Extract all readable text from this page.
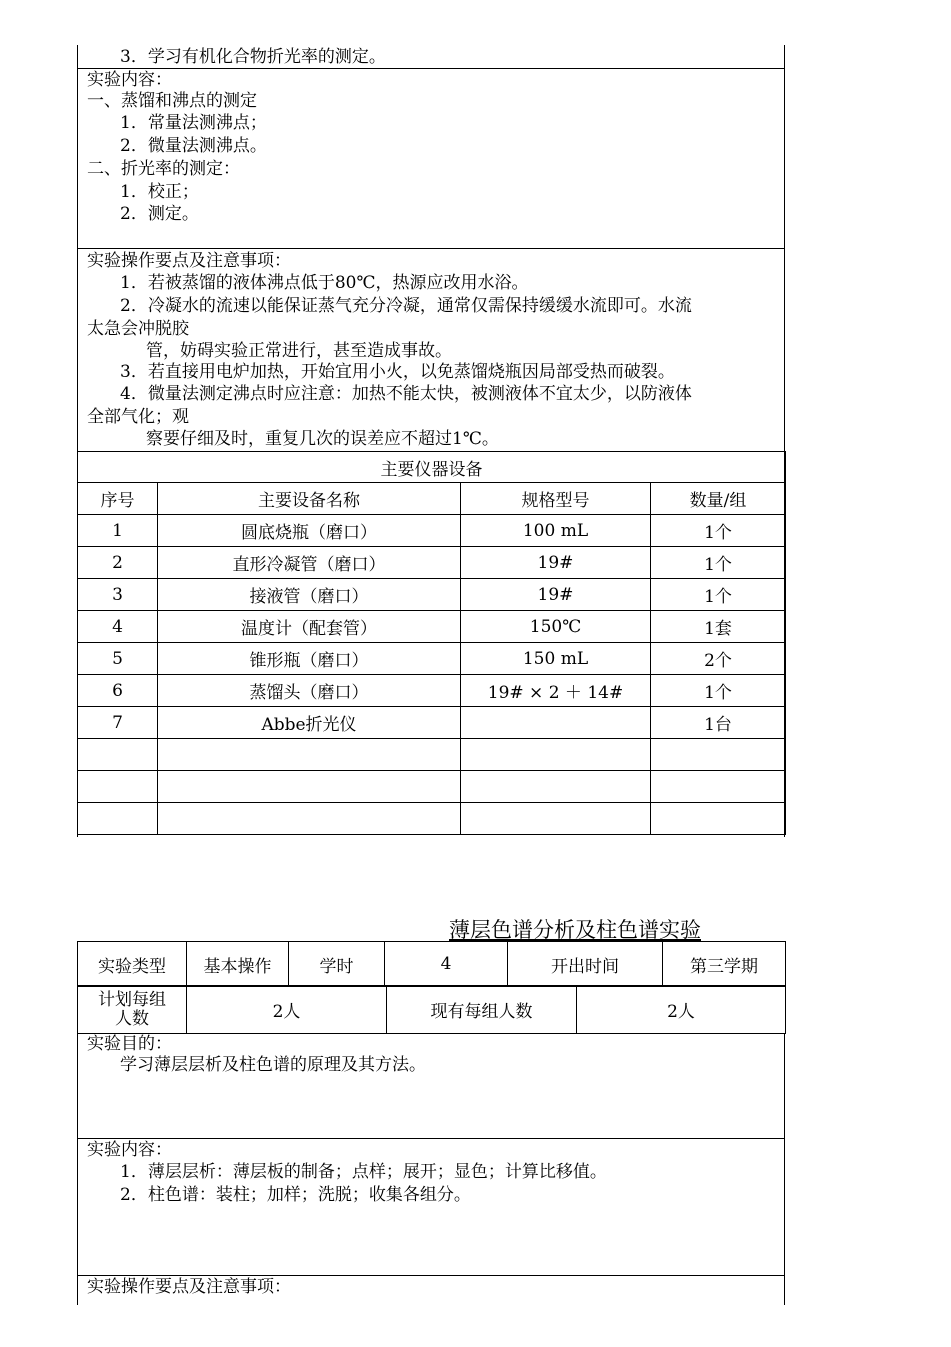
3．学习有机化合物折光率的测定。
实验内容：
一、蒸馏和沸点的测定
1．常量法测沸点；
2．微量法测沸点。
二、折光率的测定：
1．校正；
2．测定。
实验操作要点及注意事项：
1．若被蒸馏的液体沸点低于80℃，热源应改用水浴。
2．冷凝水的流速以能保证蒸气充分冷凝，通常仅需保持缓缓水流即可。水流
太急会冲脱胶
管，妨碍实验正常进行，甚至造成事故。
3．若直接用电炉加热，开始宜用小火，以免蒸馏烧瓶因局部受热而破裂。
4．微量法测定沸点时应注意：加热不能太快，被测液体不宜太少，以防液体
全部气化；观
察要仔细及时，重复几次的误差应不超过1℃。
主要仪器设备			
序号	主要设备名称	规格型号	数量/组
1	圆底烧瓶（磨口）	100 mL	1个
2	直形冷凝管（磨口）	19#	1个
3	接液管（磨口）	19#	1个
4	温度计（配套管）	150℃	1套
5	锥形瓶（磨口）	150 mL	2个
6	蒸馏头（磨口）	19# × 2 ＋ 14#	1个
7	Abbe折光仪		1台

薄层色谱分析及柱色谱实验
实验类型	基本操作	学时	4	开出时间	第三学期
计划每组人数	2人	现有每组人数	2人
实验目的：
学习薄层层析及柱色谱的原理及其方法。
实验内容：
1．薄层层析：薄层板的制备；点样；展开；显色；计算比移值。
2．柱色谱：装柱；加样；洗脱；收集各组分。
实验操作要点及注意事项：
